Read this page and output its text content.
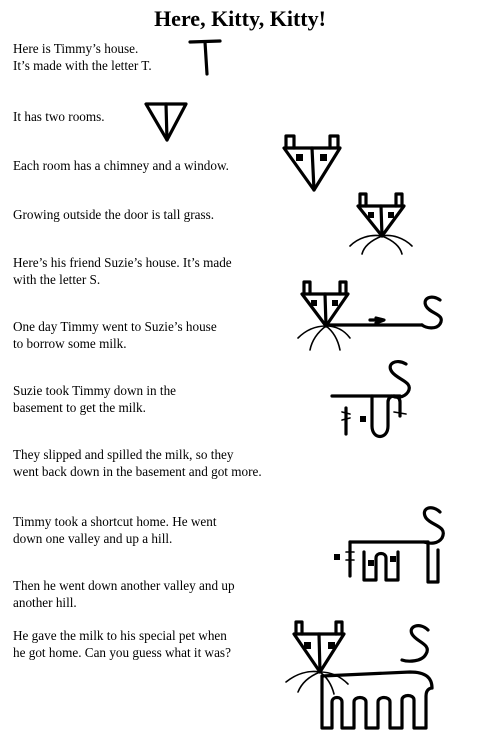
Here, Kitty, Kitty!
Here is Timmy’s house.
It’s made with the letter T.
It has two rooms.
Each room has a chimney and a window.
Growing outside the door is tall grass.
Here’s his friend Suzie’s house. It’s made
with the letter S.
One day Timmy went to Suzie’s house
to borrow some milk.
Suzie took Timmy down in the
basement to get the milk.
They slipped and spilled the milk, so they
went back down in the basement and got more.
Timmy took a shortcut home. He went
down one valley and up a hill.
Then he went down another valley and up
another hill.
He gave the milk to his special pet when
he got home. Can you guess what it was?
